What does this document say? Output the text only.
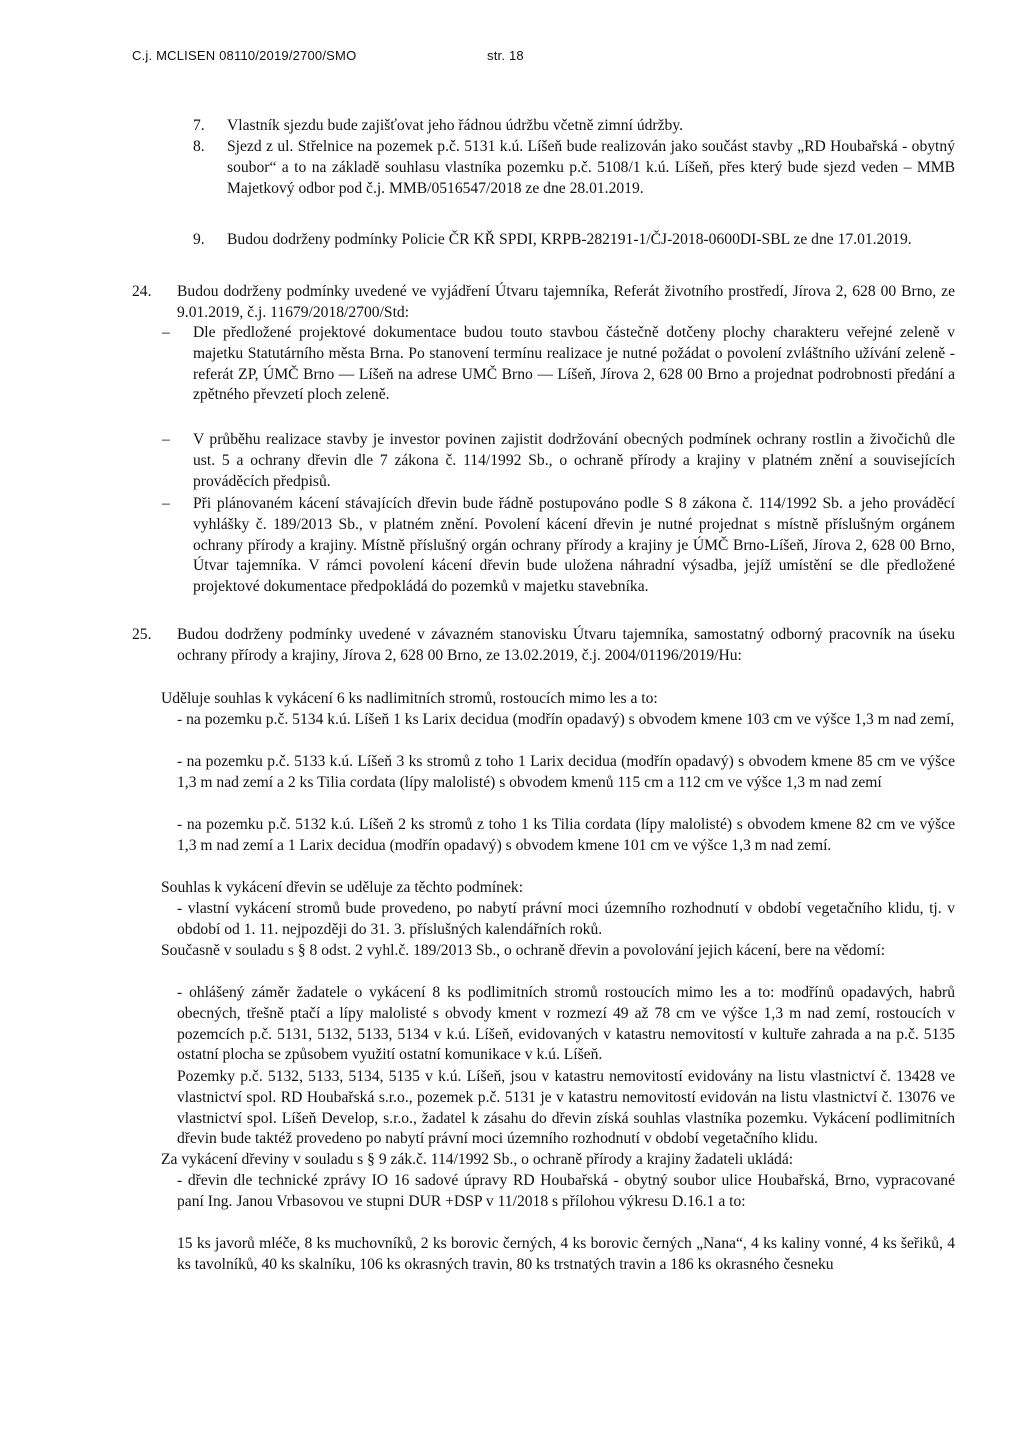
C.j. MCLISEN 08110/2019/2700/SMO	str. 18
7. Vlastník sjezdu bude zajišťovat jeho řádnou údržbu včetně zimní údržby.
8. Sjezd z ul. Střelnice na pozemek p.č. 5131 k.ú. Líšeň bude realizován jako součást stavby „RD Houbařská - obytný soubor“ a to na základě souhlasu vlastníka pozemku p.č. 5108/1 k.ú. Líšeň, přes který bude sjezd veden – MMB Majetkový odbor pod č.j. MMB/0516547/2018 ze dne 28.01.2019.
9. Budou dodrženy podmínky Policie ČR KŘ SPDI, KRPB-282191-1/ČJ-2018-0600DI-SBL ze dne 17.01.2019.
24. Budou dodrženy podmínky uvedené ve vyjádření Útvaru tajemníka, Referát životního prostředí, Jírova 2, 628 00 Brno, ze 9.01.2019, č.j. 11679/2018/2700/Std:
– Dle předložené projektové dokumentace budou touto stavbou částečně dotčeny plochy charakteru veřejné zeleně v majetku Statutárního města Brna. Po stanovení termínu realizace je nutné požádat o povolení zvláštního užívání zeleně - referát ZP, ÚMČ Brno — Líšeň na adrese UMČ Brno — Líšeň, Jírova 2, 628 00 Brno a projednat podrobnosti předání a zpětného převzetí ploch zeleně.
– V průběhu realizace stavby je investor povinen zajistit dodržování obecných podmínek ochrany rostlin a živočichů dle ust. 5 a ochrany dřevin dle 7 zákona č. 114/1992 Sb., o ochraně přírody a krajiny v platném znění a souvisejících prováděcích předpisů.
– Při plánovaném kácení stávajících dřevin bude řádně postupováno podle S 8 zákona č. 114/1992 Sb. a jeho prováděcí vyhlášky č. 189/2013 Sb., v platném znění. Povolení kácení dřevin je nutné projednat s místně příslušným orgánem ochrany přírody a krajiny. Místně příslušný orgán ochrany přírody a krajiny je ÚMČ Brno-Líšeň, Jírova 2, 628 00 Brno, Útvar tajemníka. V rámci povolení kácení dřevin bude uložena náhradní výsadba, jejíž umístění se dle předložené projektové dokumentace předpokládá do pozemků v majetku stavebníka.
25. Budou dodrženy podmínky uvedené v závazném stanovisku Útvaru tajemníka, samostatný odborný pracovník na úseku ochrany přírody a krajiny, Jírova 2, 628 00 Brno, ze 13.02.2019, č.j. 2004/01196/2019/Hu:
Uděluje souhlas k vykácení 6 ks nadlimitních stromů, rostoucích mimo les a to:
- na pozemku p.č. 5134 k.ú. Líšeň 1 ks Larix decidua (modřín opadavý) s obvodem kmene 103 cm ve výšce 1,3 m nad zemí,
- na pozemku p.č. 5133 k.ú. Líšeň 3 ks stromů z toho 1 Larix decidua (modřín opadavý) s obvodem kmene 85 cm ve výšce 1,3 m nad zemí a 2 ks Tilia cordata (lípy malolisté) s obvodem kmenů 115 cm a 112 cm ve výšce 1,3 m nad zemí
- na pozemku p.č. 5132 k.ú. Líšeň 2 ks stromů z toho 1 ks Tilia cordata (lípy malolisté) s obvodem kmene 82 cm ve výšce 1,3 m nad zemí a 1 Larix decidua (modřín opadavý) s obvodem kmene 101 cm ve výšce 1,3 m nad zemí.
Souhlas k vykácení dřevin se uděluje za těchto podmínek:
- vlastní vykácení stromů bude provedeno, po nabytí právní moci územního rozhodnutí v období vegetačního klidu, tj. v období od 1. 11. nejpozději do 31. 3. příslušných kalendářních roků.
Současně v souladu s § 8 odst. 2 vyhl.č. 189/2013 Sb., o ochraně dřevin a povolování jejich kácení, bere na vědomí:
- ohlášený záměr žadatele o vykácení 8 ks podlimitních stromů rostoucích mimo les a to: modřínů opadavých, habrů obecných, třešně ptačí a lípy malolisté s obvody kment v rozmezí 49 až 78 cm ve výšce 1,3 m nad zemí, rostoucích v pozemcích p.č. 5131, 5132, 5133, 5134 v k.ú. Líšeň, evidovaných v katastru nemovitostí v kultuře zahrada a na p.č. 5135 ostatní plocha se způsobem využití ostatní komunikace v k.ú. Líšeň.
Pozemky p.č. 5132, 5133, 5134, 5135 v k.ú. Líšeň, jsou v katastru nemovitostí evidovány na listu vlastnictví č. 13428 ve vlastnictví spol. RD Houbařská s.r.o., pozemek p.č. 5131 je v katastru nemovitostí evidován na listu vlastnictví č. 13076 ve vlastnictví spol. Líšeň Develop, s.r.o., žadatel k zásahu do dřevin získá souhlas vlastníka pozemku. Vykácení podlimitních dřevin bude taktéž provedeno po nabytí právní moci územního rozhodnutí v období vegetačního klidu.
Za vykácení dřeviny v souladu s § 9 zák.č. 114/1992 Sb., o ochraně přírody a krajiny žadateli ukládá:
- dřevin dle technické zprávy IO 16 sadové úpravy RD Houbařská - obytný soubor ulice Houbařská, Brno, vypracované paní Ing. Janou Vrbasovou ve stupni DUR +DSP v 11/2018 s přílohou výkresu D.16.1 a to:
15 ks javorů mléče, 8 ks muchovníků, 2 ks borovic černých, 4 ks borovic černých „Nana“, 4 ks kaliny vonné, 4 ks šeřiků, 4 ks tavolníků, 40 ks skalníku, 106 ks okrasných travin, 80 ks trstnatých travin a 186 ks okrasného česneku
